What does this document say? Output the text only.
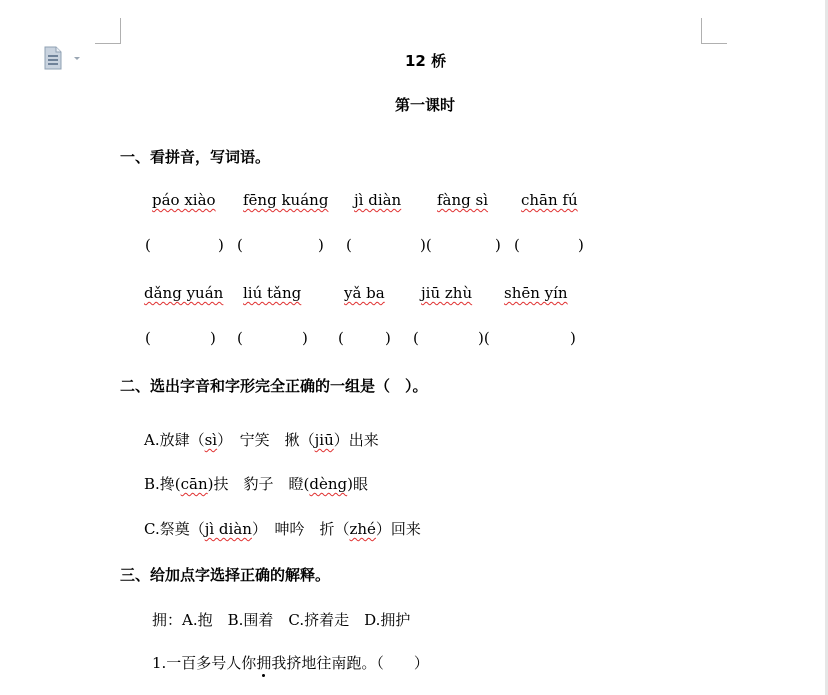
12 桥
第一课时
一、看拼音，写词语。
páo xiào fēng kuáng jì diàn fàng sì chān fú
(	) (	) (	)(	) (	)
dǎng yuán liú tǎng	yǎ ba jiū zhù shēn yín
(	) (	) (	) (	)(	)
二、选出字音和字形完全正确的一组是（　）。
A.放肆（sì）　宁笑　揪（jiū）出来
B.搀(cān)扶　豹子　瞪(dèng)眼
C.祭奠（jì diàn）　呻吟　折（zhé）回来
三、给加点字选择正确的解释。
拥：A.抱　B.围着　C.挤着走　D.拥护
1.一百多号人你拥我挤地往南跑。（　　）
